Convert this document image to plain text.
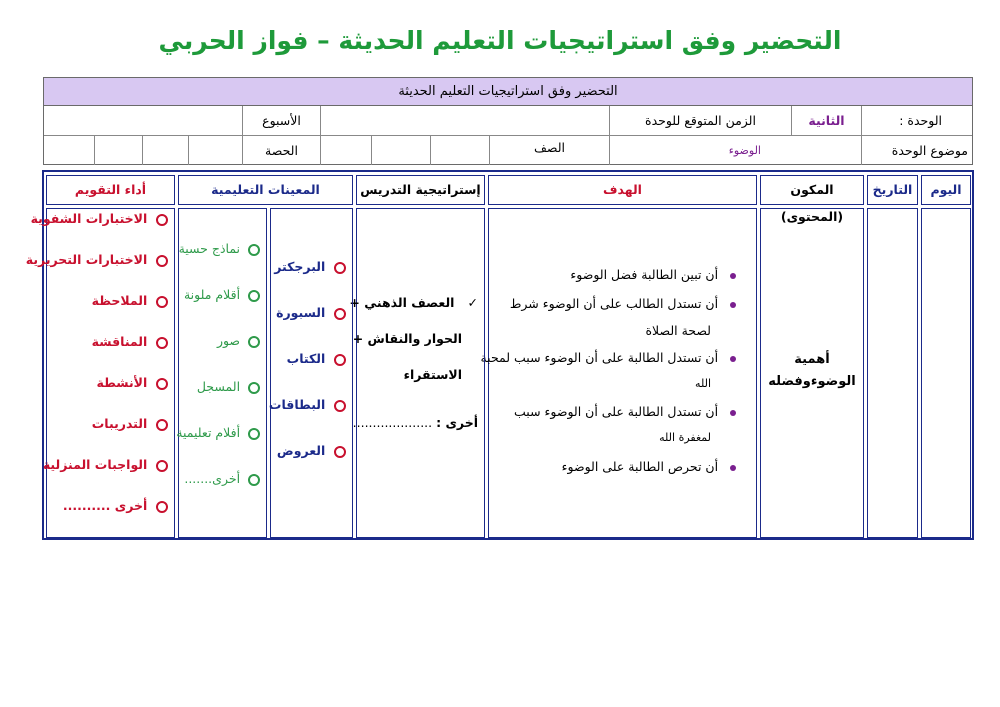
التحضير وفق استراتيجيات التعليم الحديثة – فواز الحربي
التحضير وفق استراتيجيات التعليم الحديثة
الوحدة :
الثانية
الزمن المتوقع للوحدة
الأسبوع
موضوع الوحدة
الوضوء
الصف
الحصة
اليوم
التاريخ
المكون (المحتوى)
الهدف
إستراتيجية التدريس
المعينات التعليمية
أداء التقويم
أهمية
الوضوءوفضله
أن تبين الطالبة فضل الوضوء
أن تستدل الطالب على أن الوضوء شرط
لصحة الصلاة
أن تستدل الطالبة على أن الوضوء سبب لمحبة
الله
أن تستدل الطالبة على أن الوضوء سبب
لمغفرة الله
أن تحرص الطالبة على الوضوء
✓   العصف الذهني +
الحوار والنقاش +
الاستقراء
أخرى : ....................
البرجكتر
السبورة
الكتاب
البطاقات
العروض
نماذج حسية
أقلام ملونة
صور
المسجل
أفلام تعليمية
أخرى.......
الاختبارات الشفوية
الاختبارات التحريرية
الملاحظة
المناقشة
الأنشطة
التدريبات
الواجبات المنزلية
أخرى ..........
